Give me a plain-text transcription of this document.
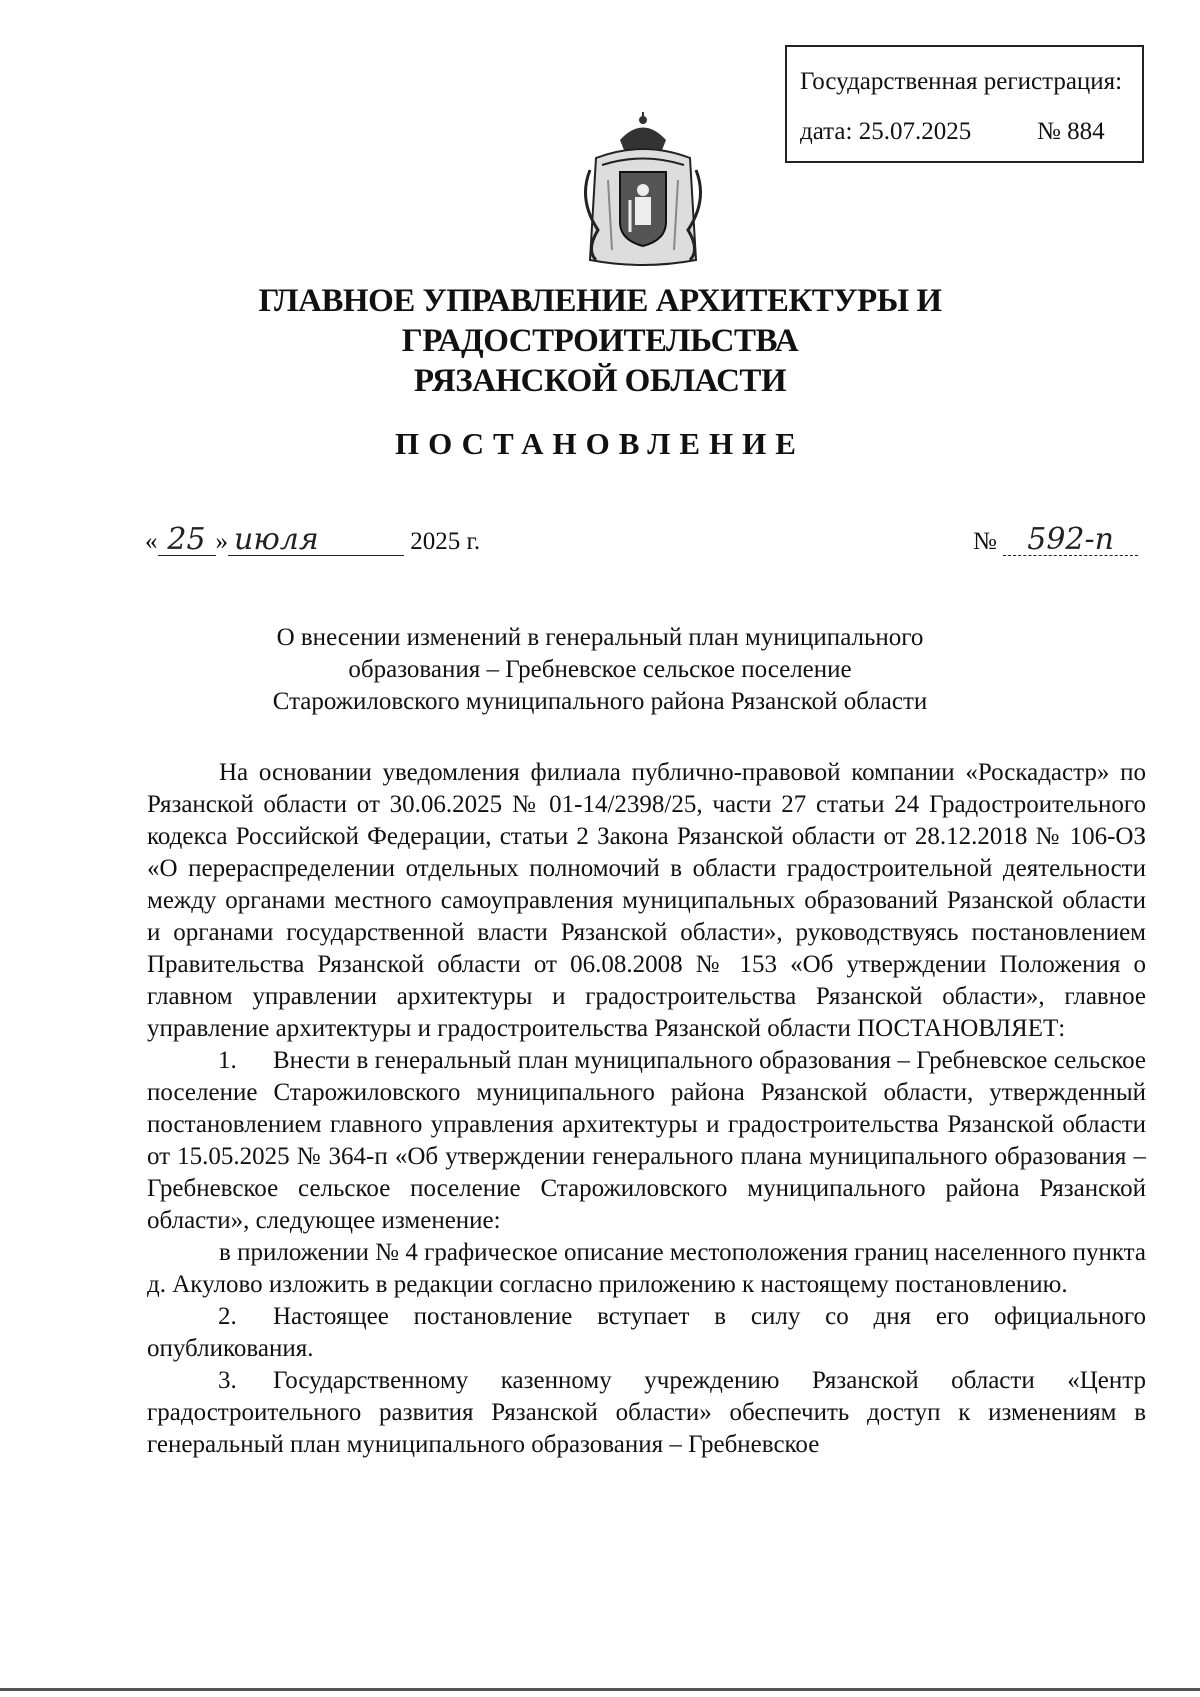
Государственная регистрация:
дата: 25.07.2025	№ 884
ГЛАВНОЕ УПРАВЛЕНИЕ АРХИТЕКТУРЫ И ГРАДОСТРОИТЕЛЬСТВА
РЯЗАНСКОЙ ОБЛАСТИ
ПОСТАНОВЛЕНИЕ
« 25 » июля	2025 г.	№ 592-п
О внесении изменений в генеральный план муниципального
образования – Гребневское сельское поселение
Старожиловского муниципального района Рязанской области

На основании уведомления филиала публично-правовой компании «Роскадастр» по Рязанской области от 30.06.2025 № 01-14/2398/25, части 27 статьи 24 Градостроительного кодекса Российской Федерации, статьи 2 Закона Рязанской области от 28.12.2018 № 106-ОЗ «О перераспределении отдельных полномочий в области градостроительной деятельности между органами местного самоуправления муниципальных образований Рязанской области и органами государственной власти Рязанской области», руководствуясь постановлением Правительства Рязанской области от 06.08.2008 № 153 «Об утверждении Положения о главном управлении архитектуры и градостроительства Рязанской области», главное управление архитектуры и градостроительства Рязанской области ПОСТАНОВЛЯЕТ:

1. Внести в генеральный план муниципального образования – Гребневское сельское поселение Старожиловского муниципального района Рязанской области, утвержденный постановлением главного управления архитектуры и градостроительства Рязанской области от 15.05.2025 № 364-п «Об утверждении генерального плана муниципального образования – Гребневское сельское поселение Старожиловского муниципального района Рязанской области», следующее изменение:

в приложении № 4 графическое описание местоположения границ населенного пункта д. Акулово изложить в редакции согласно приложению к настоящему постановлению.

2. Настоящее постановление вступает в силу со дня его официального опубликования.

3. Государственному казенному учреждению Рязанской области «Центр градостроительного развития Рязанской области» обеспечить доступ к изменениям в генеральный план муниципального образования – Гребневское
